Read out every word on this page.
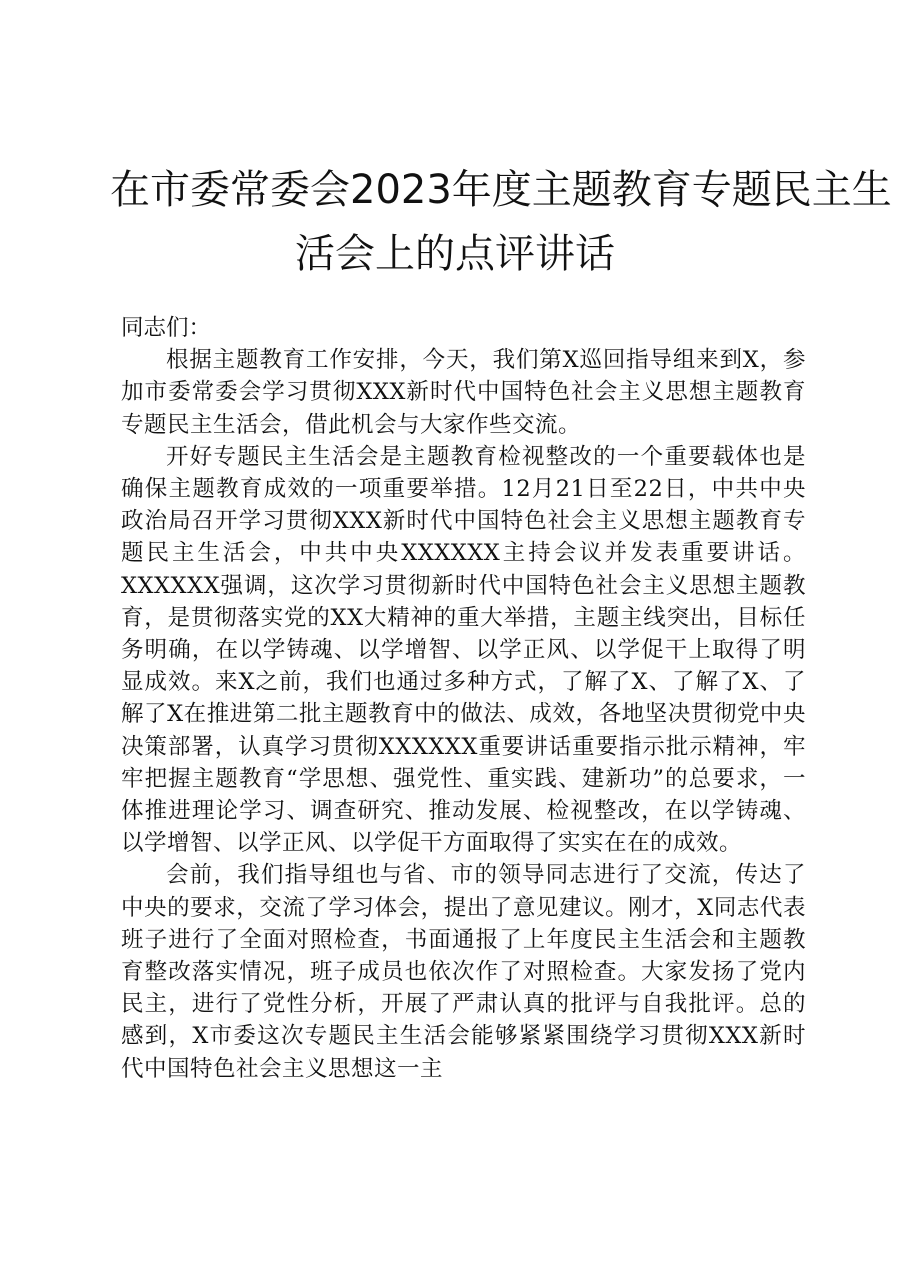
在市委常委会2023年度主题教育专题民主生
活会上的点评讲话

同志们：

根据主题教育工作安排，今天，我们第X巡回指导组来到X，参加市委常委会学习贯彻XXX新时代中国特色社会主义思想主题教育专题民主生活会，借此机会与大家作些交流。

开好专题民主生活会是主题教育检视整改的一个重要载体也是确保主题教育成效的一项重要举措。12月21日至22日，中共中央政治局召开学习贯彻XXX新时代中国特色社会主义思想主题教育专题民主生活会，中共中央XXXXXX主持会议并发表重要讲话。XXXXXX强调，这次学习贯彻新时代中国特色社会主义思想主题教育，是贯彻落实党的XX大精神的重大举措，主题主线突出，目标任务明确，在以学铸魂、以学增智、以学正风、以学促干上取得了明显成效。来X之前，我们也通过多种方式，了解了X、了解了X、了解了X在推进第二批主题教育中的做法、成效，各地坚决贯彻党中央决策部署，认真学习贯彻XXXXXX重要讲话重要指示批示精神，牢牢把握主题教育“学思想、强党性、重实践、建新功”的总要求，一体推进理论学习、调查研究、推动发展、检视整改，在以学铸魂、以学增智、以学正风、以学促干方面取得了实实在在的成效。

会前，我们指导组也与省、市的领导同志进行了交流，传达了中央的要求，交流了学习体会，提出了意见建议。刚才，X同志代表班子进行了全面对照检查，书面通报了上年度民主生活会和主题教育整改落实情况，班子成员也依次作了对照检查。大家发扬了党内民主，进行了党性分析，开展了严肃认真的批评与自我批评。总的感到，X市委这次专题民主生活会能够紧紧围绕学习贯彻XXX新时代中国特色社会主义思想这一主
